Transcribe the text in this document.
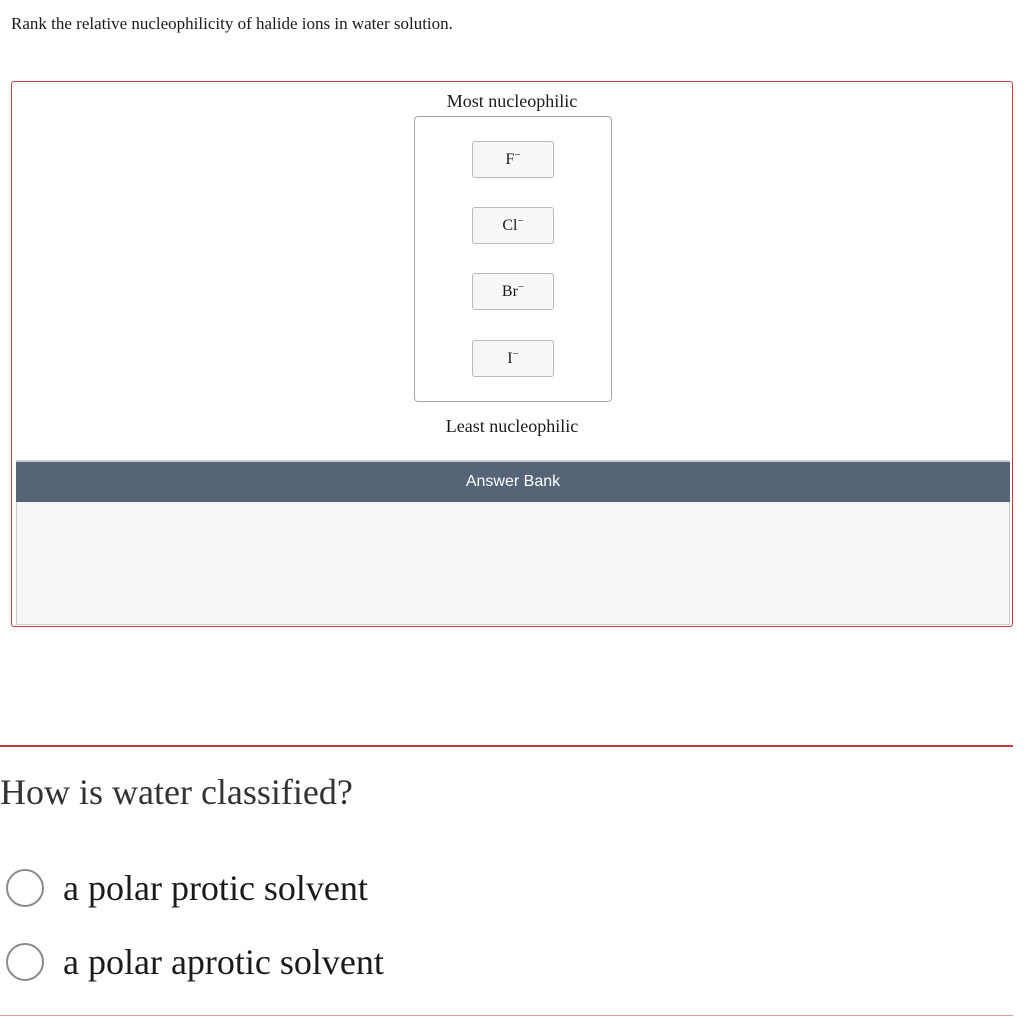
Rank the relative nucleophilicity of halide ions in water solution.
Most nucleophilic
F−
Cl−
Br−
I−
Least nucleophilic
Answer Bank
How is water classified?
a polar protic solvent
a polar aprotic solvent
